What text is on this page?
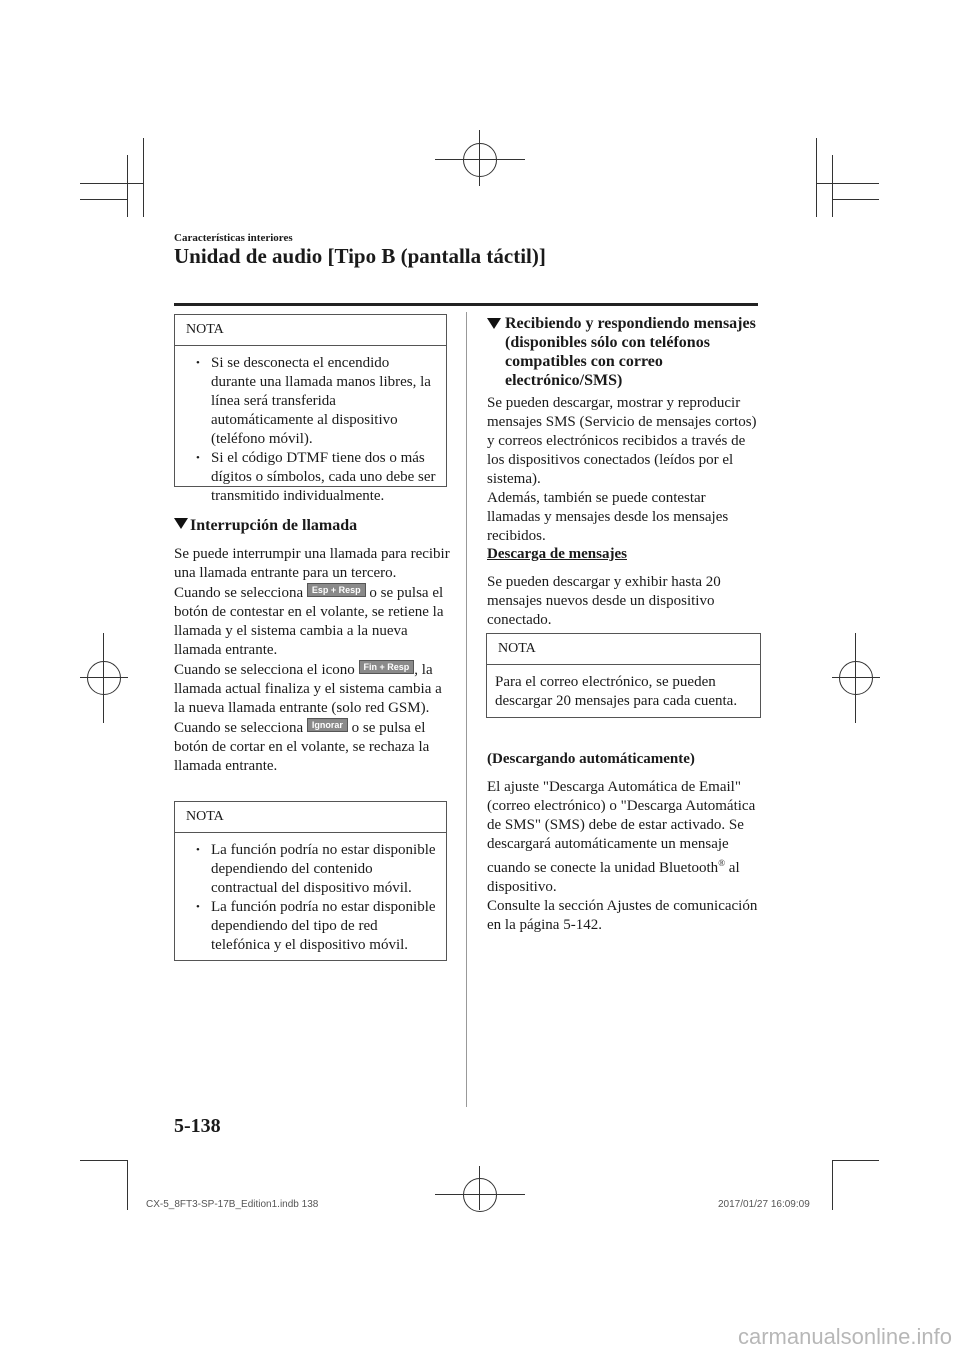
Características interiores
Unidad de audio [Tipo B (pantalla táctil)]
NOTA
• Si se desconecta el encendido durante una llamada manos libres, la línea será transferida automáticamente al dispositivo (teléfono móvil).
• Si el código DTMF tiene dos o más dígitos o símbolos, cada uno debe ser transmitido individualmente.
Interrupción de llamada
Se puede interrumpir una llamada para recibir una llamada entrante para un tercero.
Cuando se selecciona Esp + Resp o se pulsa el botón de contestar en el volante, se retiene la llamada y el sistema cambia a la nueva llamada entrante.
Cuando se selecciona el icono Fin + Resp , la llamada actual finaliza y el sistema cambia a la nueva llamada entrante (solo red GSM).
Cuando se selecciona Ignorar o se pulsa el botón de cortar en el volante, se rechaza la llamada entrante.
NOTA
• La función podría no estar disponible dependiendo del contenido contractual del dispositivo móvil.
• La función podría no estar disponible dependiendo del tipo de red telefónica y el dispositivo móvil.
Recibiendo y respondiendo mensajes (disponibles sólo con teléfonos compatibles con correo electrónico/SMS)
Se pueden descargar, mostrar y reproducir mensajes SMS (Servicio de mensajes cortos) y correos electrónicos recibidos a través de los dispositivos conectados (leídos por el sistema).
Además, también se puede contestar llamadas y mensajes desde los mensajes recibidos.
Descarga de mensajes
Se pueden descargar y exhibir hasta 20 mensajes nuevos desde un dispositivo conectado.
NOTA
Para el correo electrónico, se pueden descargar 20 mensajes para cada cuenta.
(Descargando automáticamente)
El ajuste "Descarga Automática de Email" (correo electrónico) o "Descarga Automática de SMS" (SMS) debe de estar activado. Se descargará automáticamente un mensaje cuando se conecte la unidad Bluetooth® al dispositivo.
Consulte la sección Ajustes de comunicación en la página 5-142.
5-138
CX-5_8FT3-SP-17B_Edition1.indb 138	2017/01/27 16:09:09
carmanualsonline.info
